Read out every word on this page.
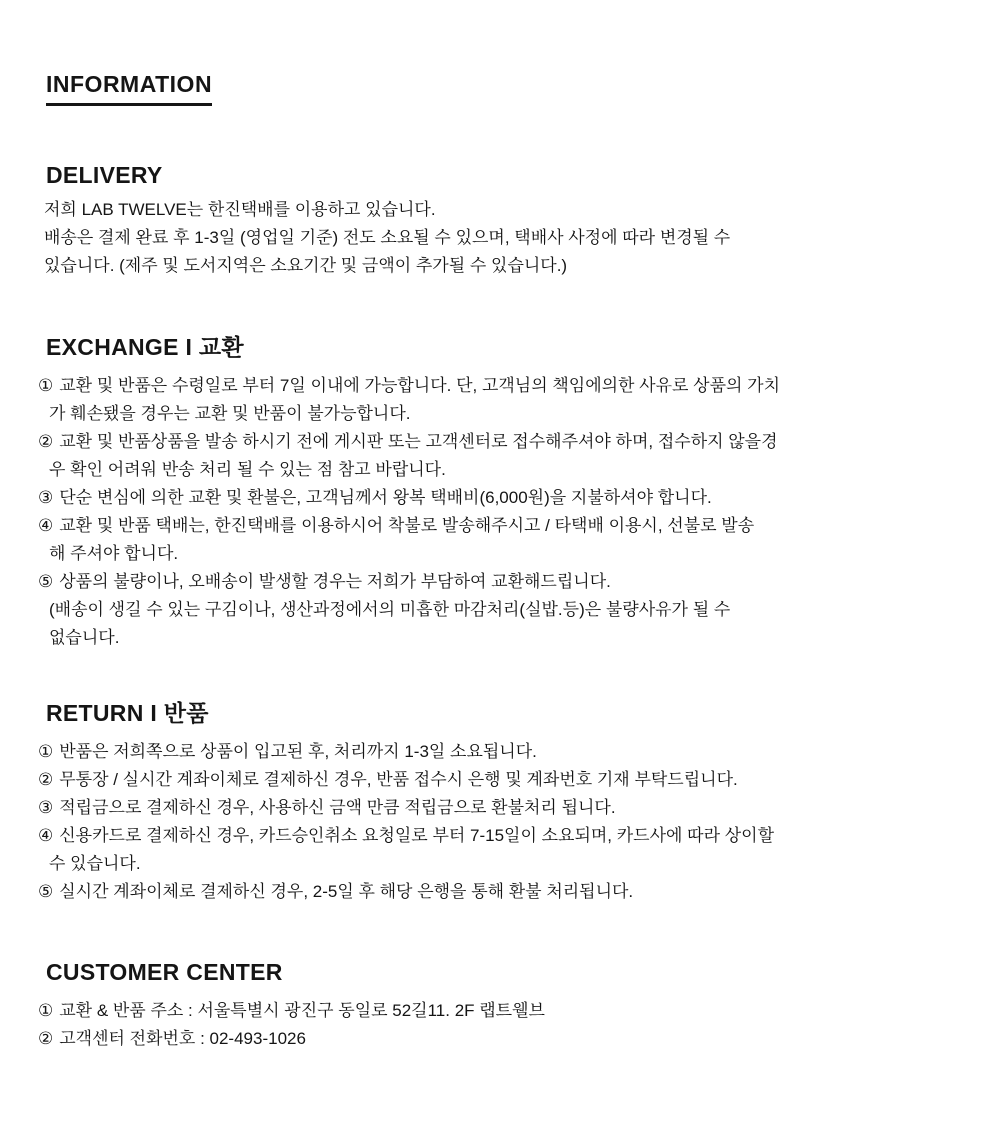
INFORMATION
DELIVERY
저희 LAB TWELVE는 한진택배를 이용하고 있습니다.
배송은 결제 완료 후 1-3일 (영업일 기준) 전도 소요될 수 있으며, 택배사 사정에 따라 변경될 수
있습니다. (제주 및 도서지역은 소요기간 및 금액이 추가될 수 있습니다.)
EXCHANGE I 교환
① 교환 및 반품은 수령일로 부터 7일 이내에 가능합니다. 단, 고객님의 책임에의한 사유로 상품의 가치
가 훼손됐을 경우는 교환 및 반품이 불가능합니다.
② 교환 및 반품상품을 발송 하시기 전에 게시판 또는 고객센터로 접수해주셔야 하며, 접수하지 않을경
우 확인 어려워 반송 처리 될 수 있는 점 참고 바랍니다.
③ 단순 변심에 의한 교환 및 환불은, 고객님께서 왕복 택배비(6,000원)을 지불하셔야 합니다.
④ 교환 및 반품 택배는, 한진택배를 이용하시어 착불로 발송해주시고 / 타택배 이용시, 선불로 발송
해 주셔야 합니다.
⑤ 상품의 불량이나, 오배송이 발생할 경우는 저희가 부담하여 교환해드립니다.
(배송이 생길 수 있는 구김이나, 생산과정에서의 미흡한 마감처리(실밥.등)은 불량사유가 될 수
없습니다.
RETURN I 반품
① 반품은 저희쪽으로 상품이 입고된 후, 처리까지 1-3일 소요됩니다.
② 무통장 / 실시간 계좌이체로 결제하신 경우, 반품 접수시 은행 및 계좌번호 기재 부탁드립니다.
③ 적립금으로 결제하신 경우, 사용하신 금액 만큼 적립금으로 환불처리 됩니다.
④ 신용카드로 결제하신 경우, 카드승인취소 요청일로 부터 7-15일이 소요되며, 카드사에 따라 상이할
수 있습니다.
⑤ 실시간 계좌이체로 결제하신 경우, 2-5일 후 해당 은행을 통해 환불 처리됩니다.
CUSTOMER CENTER
① 교환 & 반품 주소 : 서울특별시 광진구 동일로 52길11. 2F 랩트웰브
② 고객센터 전화번호 : 02-493-1026
